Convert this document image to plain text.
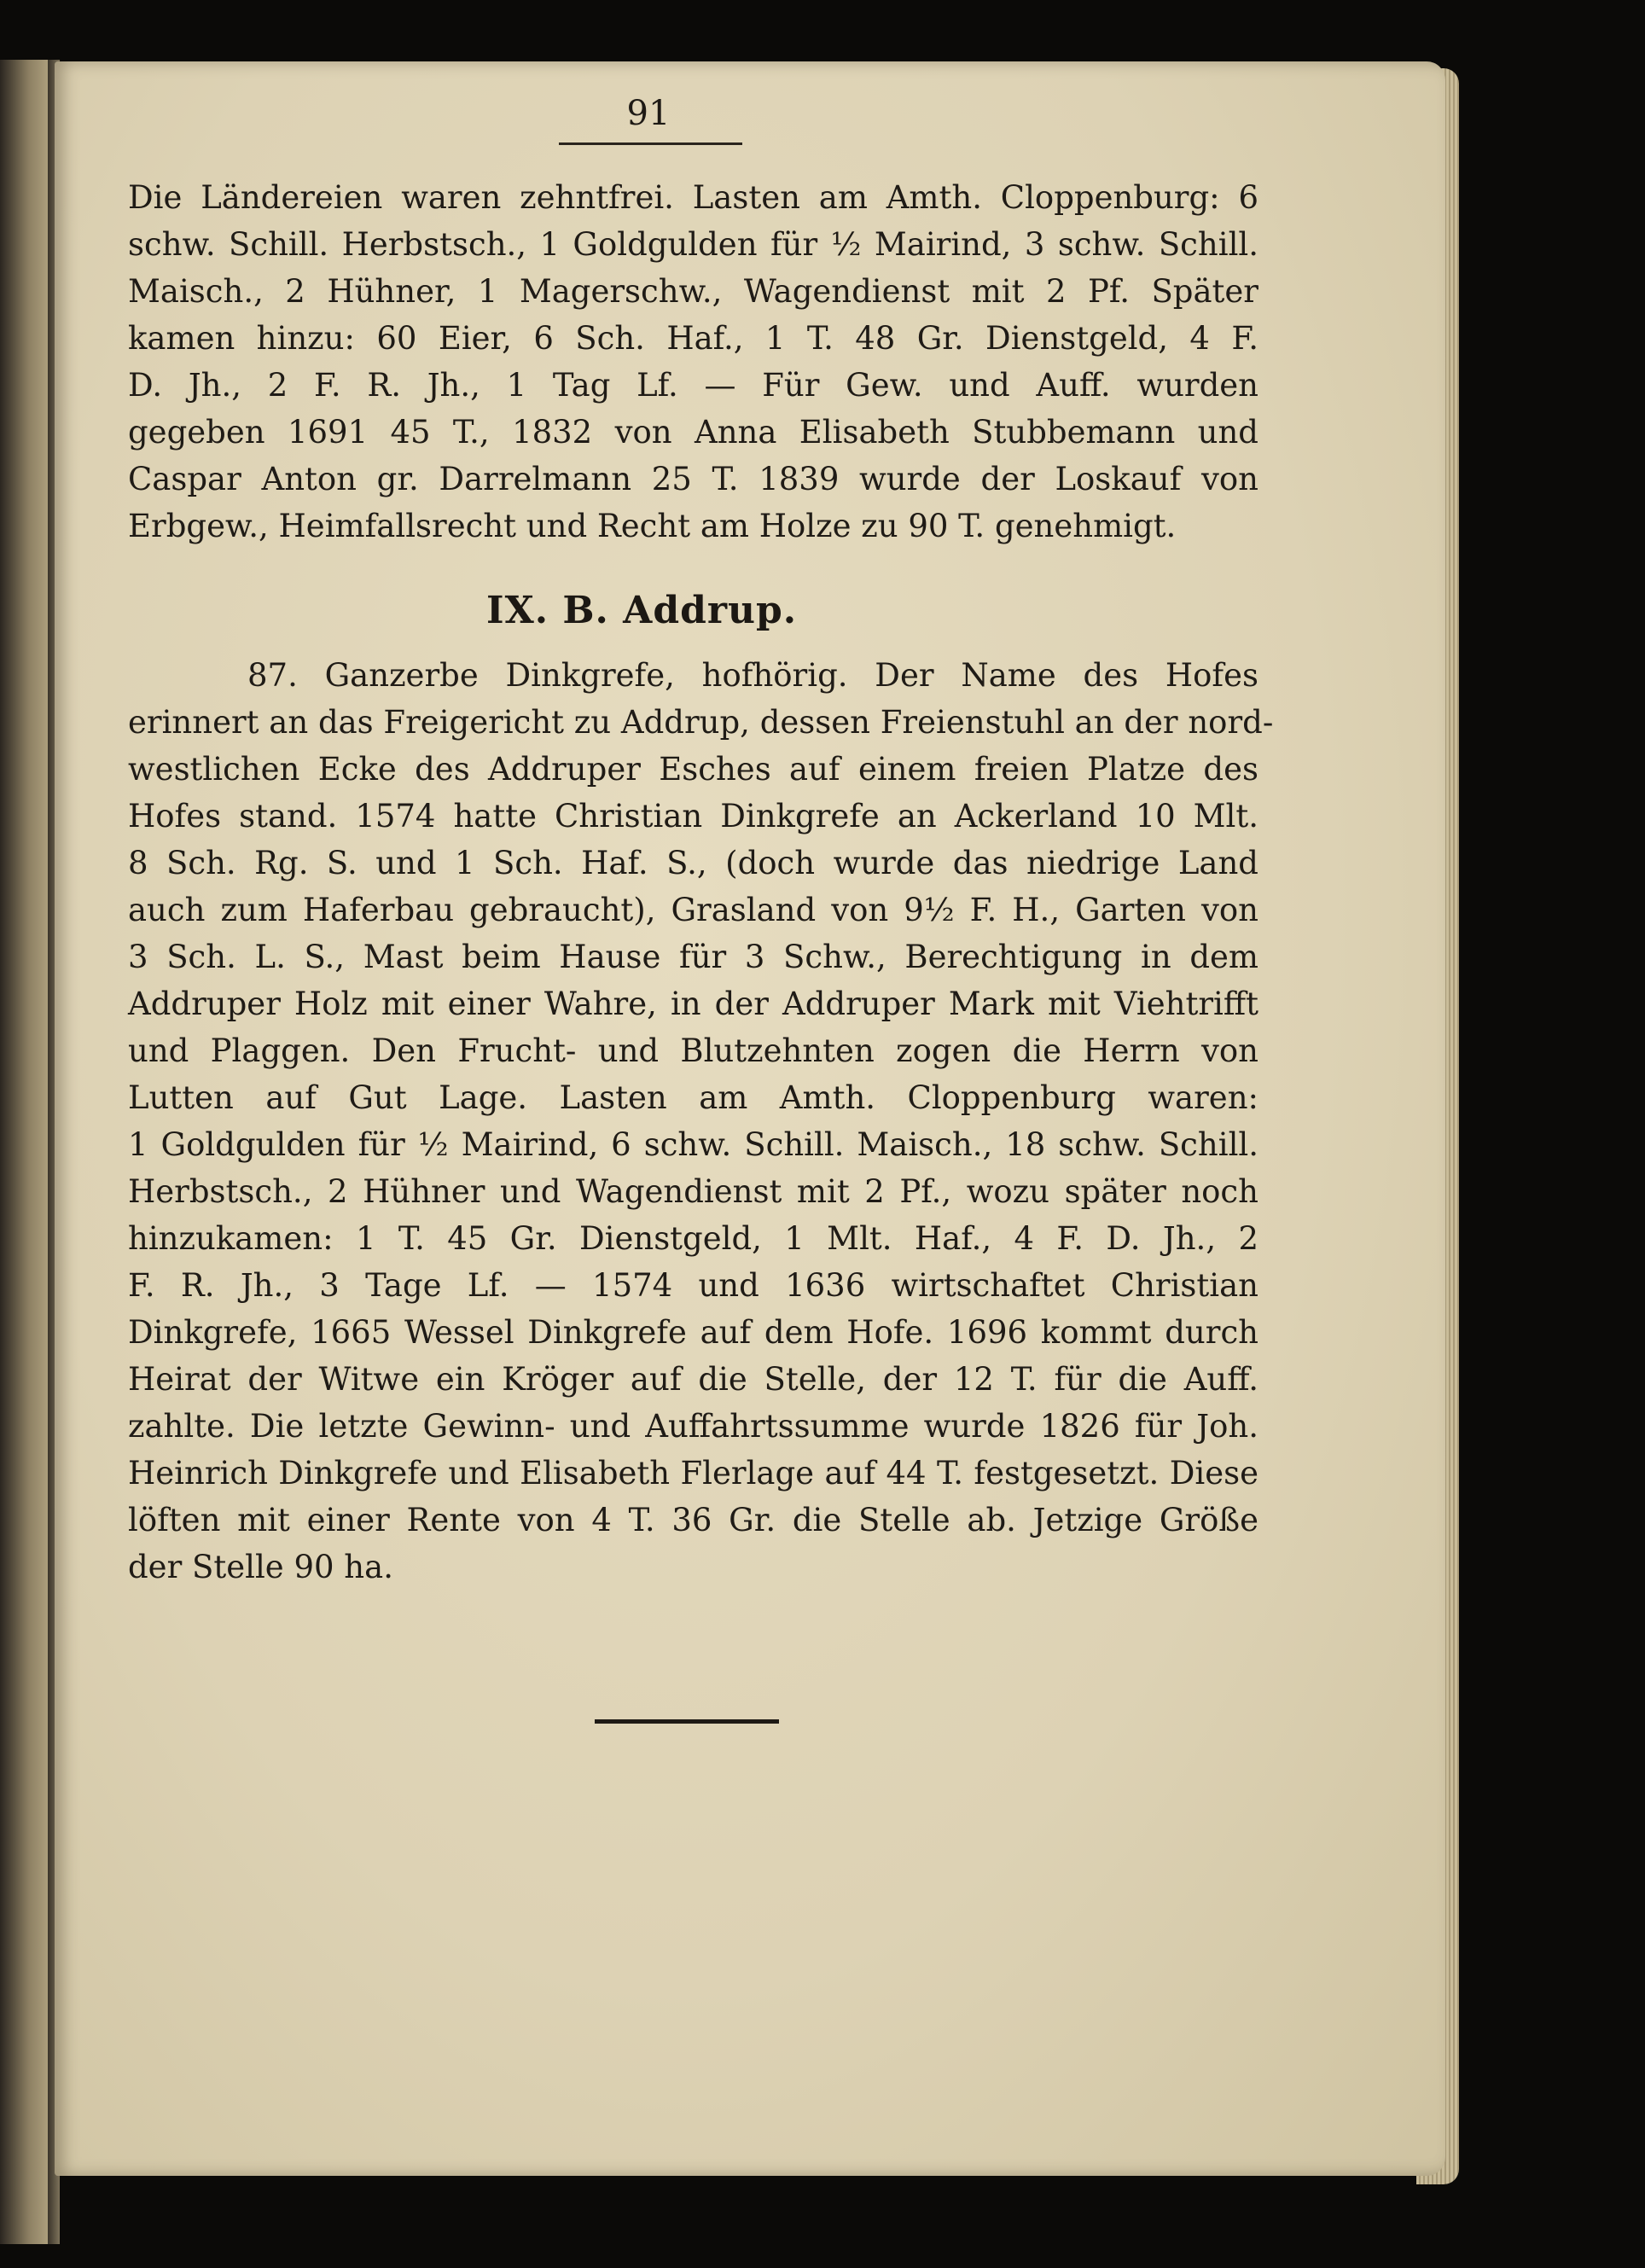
91
Die Ländereien waren zehntfrei. Lasten am Amth. Cloppenburg: 6
schw. Schill. Herbstsch., 1 Goldgulden für ½ Mairind, 3 schw. Schill.
Maisch., 2 Hühner, 1 Magerschw., Wagendienst mit 2 Pf. Später
kamen hinzu: 60 Eier, 6 Sch. Haf., 1 T. 48 Gr. Dienstgeld, 4 F.
D. Jh., 2 F. R. Jh., 1 Tag Lf. — Für Gew. und Auff. wurden
gegeben 1691 45 T., 1832 von Anna Elisabeth Stubbemann und
Caspar Anton gr. Darrelmann 25 T. 1839 wurde der Loskauf von
Erbgew., Heimfallsrecht und Recht am Holze zu 90 T. genehmigt.
IX. B. Addrup.
87. Ganzerbe Dinkgrefe, hofhörig. Der Name des Hofes
erinnert an das Freigericht zu Addrup, dessen Freienstuhl an der nord-
westlichen Ecke des Addruper Esches auf einem freien Platze des
Hofes stand. 1574 hatte Christian Dinkgrefe an Ackerland 10 Mlt.
8 Sch. Rg. S. und 1 Sch. Haf. S., (doch wurde das niedrige Land
auch zum Haferbau gebraucht), Grasland von 9½ F. H., Garten von
3 Sch. L. S., Mast beim Hause für 3 Schw., Berechtigung in dem
Addruper Holz mit einer Wahre, in der Addruper Mark mit Viehtrifft
und Plaggen. Den Frucht- und Blutzehnten zogen die Herrn von
Lutten auf Gut Lage. Lasten am Amth. Cloppenburg waren:
1 Goldgulden für ½ Mairind, 6 schw. Schill. Maisch., 18 schw. Schill.
Herbstsch., 2 Hühner und Wagendienst mit 2 Pf., wozu später noch
hinzukamen: 1 T. 45 Gr. Dienstgeld, 1 Mlt. Haf., 4 F. D. Jh., 2
F. R. Jh., 3 Tage Lf. — 1574 und 1636 wirtschaftet Christian
Dinkgrefe, 1665 Wessel Dinkgrefe auf dem Hofe. 1696 kommt durch
Heirat der Witwe ein Kröger auf die Stelle, der 12 T. für die Auff.
zahlte. Die letzte Gewinn- und Auffahrtssumme wurde 1826 für Joh.
Heinrich Dinkgrefe und Elisabeth Flerlage auf 44 T. festgesetzt. Diese
löften mit einer Rente von 4 T. 36 Gr. die Stelle ab. Jetzige Größe
der Stelle 90 ha.
